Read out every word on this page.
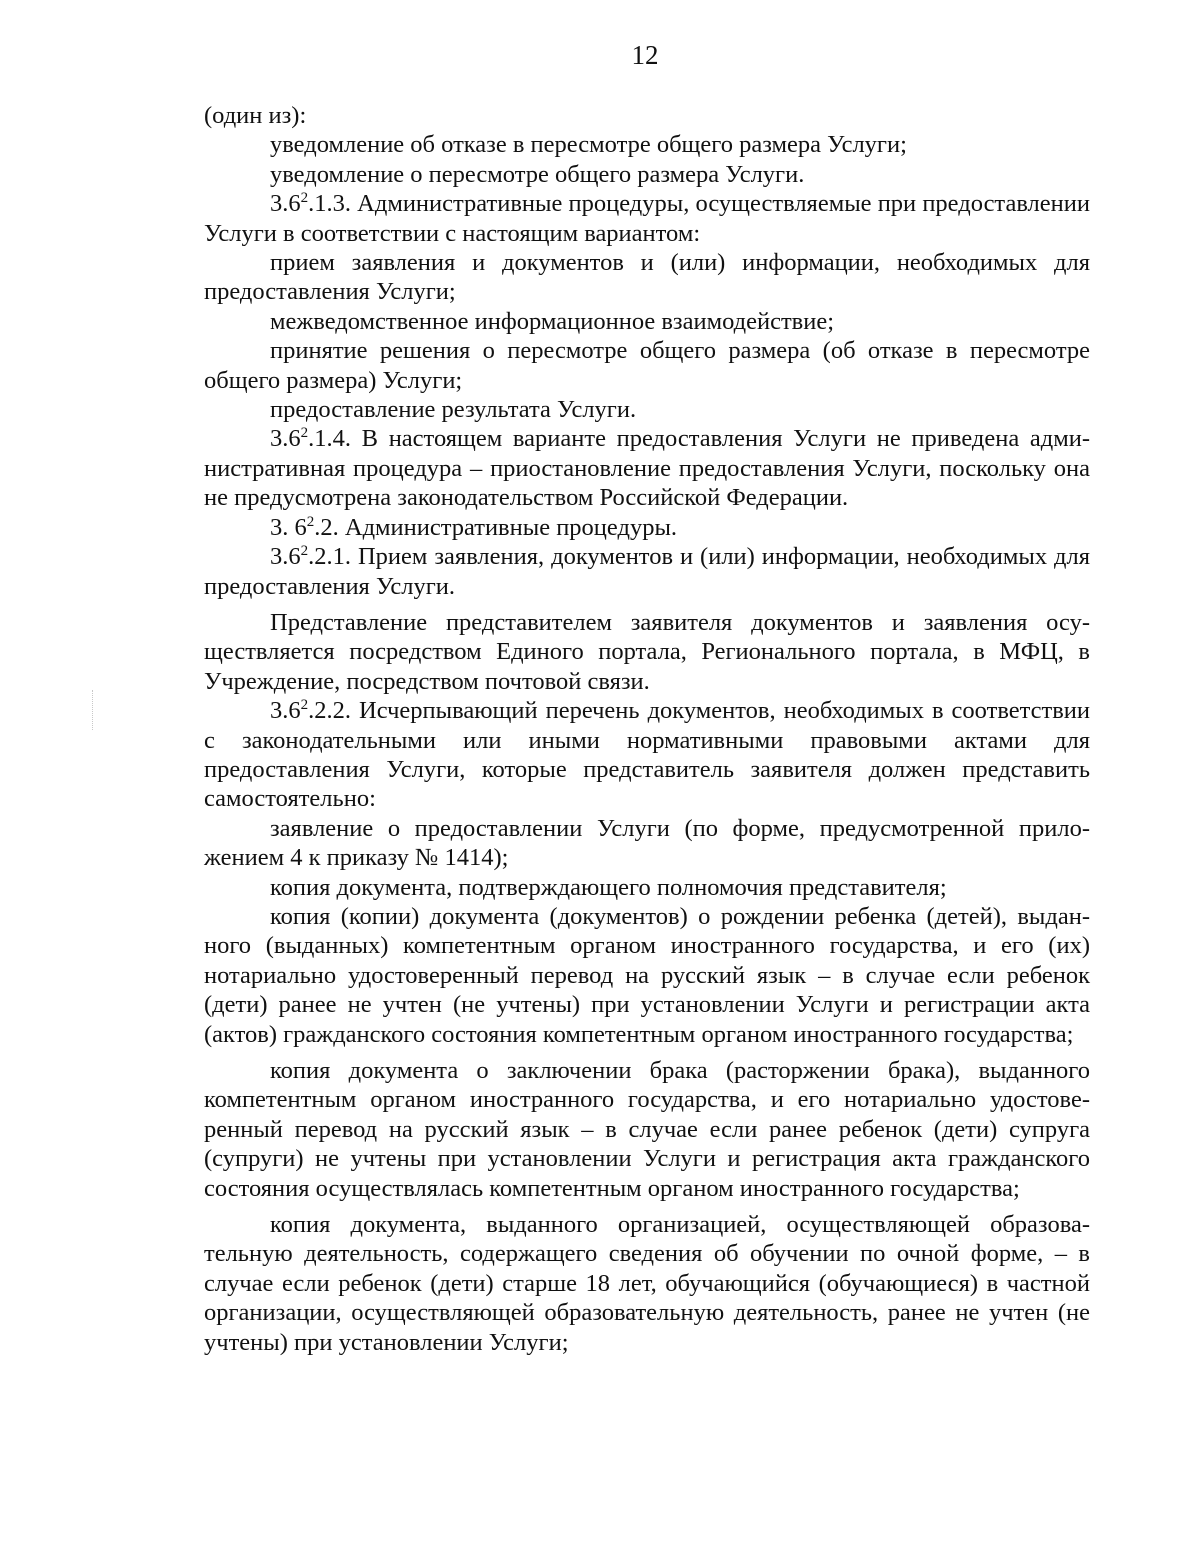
12

(один из):

уведомление об отказе в пересмотре общего размера Услуги;

уведомление о пересмотре общего размера Услуги.

$3.6^2.1.3$. Административные процедуры, осуществляемые при предоставлении Услуги в соответствии с настоящим вариантом:

прием заявления и документов и (или) информации, необходимых для предоставления Услуги;

межведомственное информационное взаимодействие;

принятие решения о пересмотре общего размера (об отказе в пересмотре общего размера) Услуги;

предоставление результата Услуги.

$3.6^2.1.4$. В настоящем варианте предоставления Услуги не приведена административная процедура – приостановление предоставления Услуги, поскольку она не предусмотрена законодательством Российской Федерации.

3. $6^2.2$. Административные процедуры.

$3.6^2.2.1$. Прием заявления, документов и (или) информации, необходимых для предоставления Услуги.

Представление представителем заявителя документов и заявления осуществляется посредством Единого портала, Регионального портала, в МФЦ, в Учреждение, посредством почтовой связи.

$3.6^2.2.2$. Исчерпывающий перечень документов, необходимых в соответствии с законодательными или иными нормативными правовыми актами для предоставления Услуги, которые представитель заявителя должен представить самостоятельно:

заявление о предоставлении Услуги (по форме, предусмотренной приложением 4 к приказу № 1414);

копия документа, подтверждающего полномочия представителя;

копия (копии) документа (документов) о рождении ребенка (детей), выданного (выданных) компетентным органом иностранного государства, и его (их) нотариально удостоверенный перевод на русский язык – в случае если ребенок (дети) ранее не учтен (не учтены) при установлении Услуги и регистрации акта (актов) гражданского состояния компетентным органом иностранного государства;

копия документа о заключении брака (расторжении брака), выданного компетентным органом иностранного государства, и его нотариально удостоверенный перевод на русский язык – в случае если ранее ребенок (дети) супруга (супруги) не учтены при установлении Услуги и регистрация акта гражданского состояния осуществлялась компетентным органом иностранного государства;

копия документа, выданного организацией, осуществляющей образовательную деятельность, содержащего сведения об обучении по очной форме, – в случае если ребенок (дети) старше 18 лет, обучающийся (обучающиеся) в частной организации, осуществляющей образовательную деятельность, ранее не учтен (не учтены) при установлении Услуги;
